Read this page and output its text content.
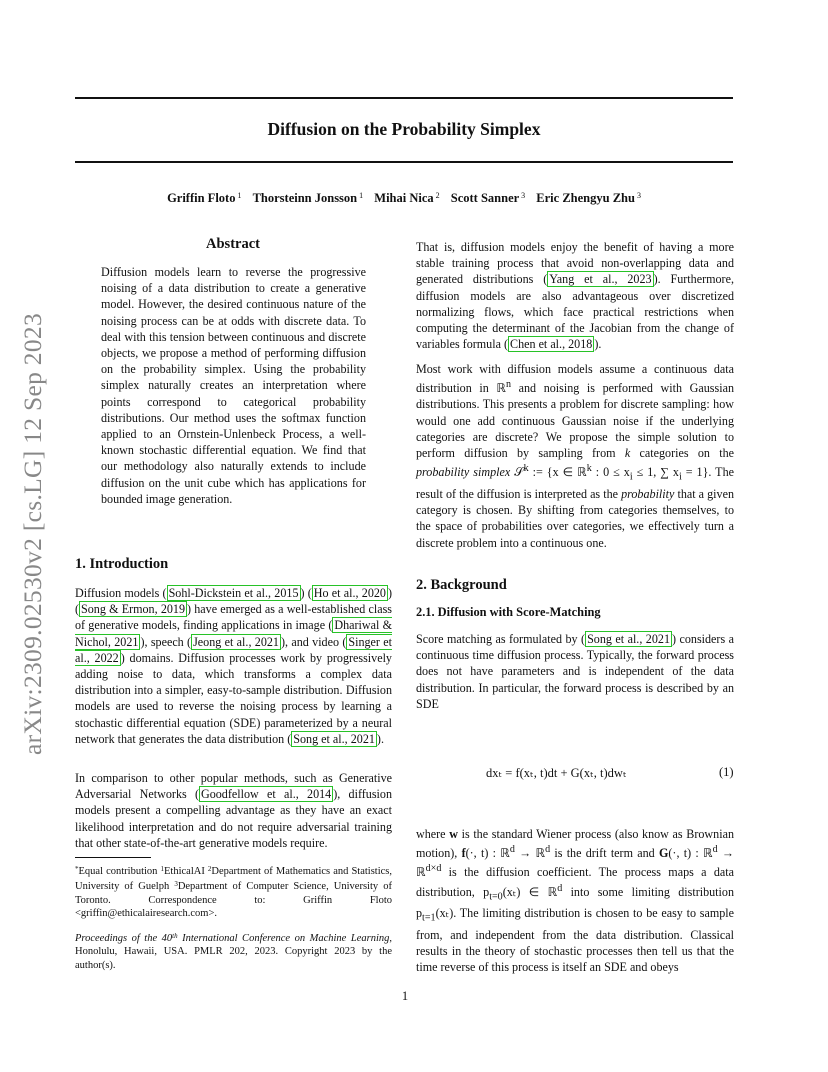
Diffusion on the Probability Simplex
Griffin Floto $^1$ Thorsteinn Jonsson $^1$ Mihai Nica $^2$ Scott Sanner $^3$ Eric Zhengyu Zhu $^3$
arXiv:2309.02530v2 [cs.LG] 12 Sep 2023
Abstract

Diffusion models learn to reverse the progressive noising of a data distribution to create a generative model. However, the desired continuous nature of the noising process can be at odds with discrete data. To deal with this tension between continuous and discrete objects, we propose a method of performing diffusion on the probability simplex. Using the probability simplex naturally creates an interpretation where points correspond to categorical probability distributions. Our method uses the softmax function applied to an Ornstein-Unlenbeck Process, a well-known stochastic differential equation. We find that our methodology also naturally extends to include diffusion on the unit cube which has applications for bounded image generation.

1. Introduction

Diffusion models ( Sohl-Dickstein et al., 2015 ) ( Ho et al., 2020 ) ( Song & Ermon, 2019 ) have emerged as a well-established class of generative models, finding applications in image ( Dhariwal & Nichol, 2021 ), speech ( Jeong et al., 2021 ), and video ( Singer et al., 2022 ) domains. Diffusion processes work by progressively adding noise to data, which transforms a complex data distribution into a simpler, easy-to-sample distribution. Diffusion models are used to reverse the noising process by learning a stochastic differential equation (SDE) parameterized by a neural network that generates the data distribution ( Song et al., 2021 ).

In comparison to other popular methods, such as Generative Adversarial Networks ( Goodfellow et al., 2014 ), diffusion models present a compelling advantage as they have an exact likelihood interpretation and do not require adversarial training that other state-of-the-art generative models require.

*Equal contribution $^1$EthicalAI $^2$Department of Mathematics and Statistics, University of Guelph $^3$Department of Computer Science, University of Toronto. Correspondence to: Griffin Floto <griffin@ethicalairesearch.com>.

Proceedings of the 40th International Conference on Machine Learning, Honolulu, Hawaii, USA. PMLR 202, 2023. Copyright 2023 by the author(s).

That is, diffusion models enjoy the benefit of having a more stable training process that avoid non-overlapping data and generated distributions ( Yang et al., 2023 ). Furthermore, diffusion models are also advantageous over discretized normalizing flows, which face practical restrictions when computing the determinant of the Jacobian from the change of variables formula ( Chen et al., 2018 ).

Most work with diffusion models assume a continuous data distribution in ℝ$^n$ and noising is performed with Gaussian distributions. This presents a problem for discrete sampling: how would one add continuous Gaussian noise if the underlying categories are discrete? We propose the simple solution to perform diffusion by sampling from k categories on the probability simplex 𝒮$^k$ := {x ∈ ℝ$^k$ : $0 \le x_i \le 1$, ∑ $x_i = 1$}. The result of the diffusion is interpreted as the probability that a given category is chosen. By shifting from categories themselves, to the space of probabilities over categories, we effectively turn a discrete problem into a continuous one.

2. Background
2.1. Diffusion with Score-Matching

Score matching as formulated by ( Song et al., 2021 ) considers a continuous time diffusion process. Typically, the forward process does not have parameters and is independent of the data distribution. In particular, the forward process is described by an SDE

dxₜ = f(xₜ, t)dt + G(xₜ, t)dwₜ	(1)

where w is the standard Wiener process (also know as Brownian motion), f(·, t) : ℝ$^d$ → ℝ$^d$ is the drift term and G(·, t) : ℝ$^d$ → ℝ$^{d\times d}$ is the diffusion coefficient. The process maps a data distribution, $p_{t=0}(x_t)$ ∈ ℝ$^d$ into some limiting distribution $p_{t=1}(x_t)$. The limiting distribution is chosen to be easy to sample from, and independent from the data distribution. Classical results in the theory of stochastic processes then tell us that the time reverse of this process is itself an SDE and obeys

1
